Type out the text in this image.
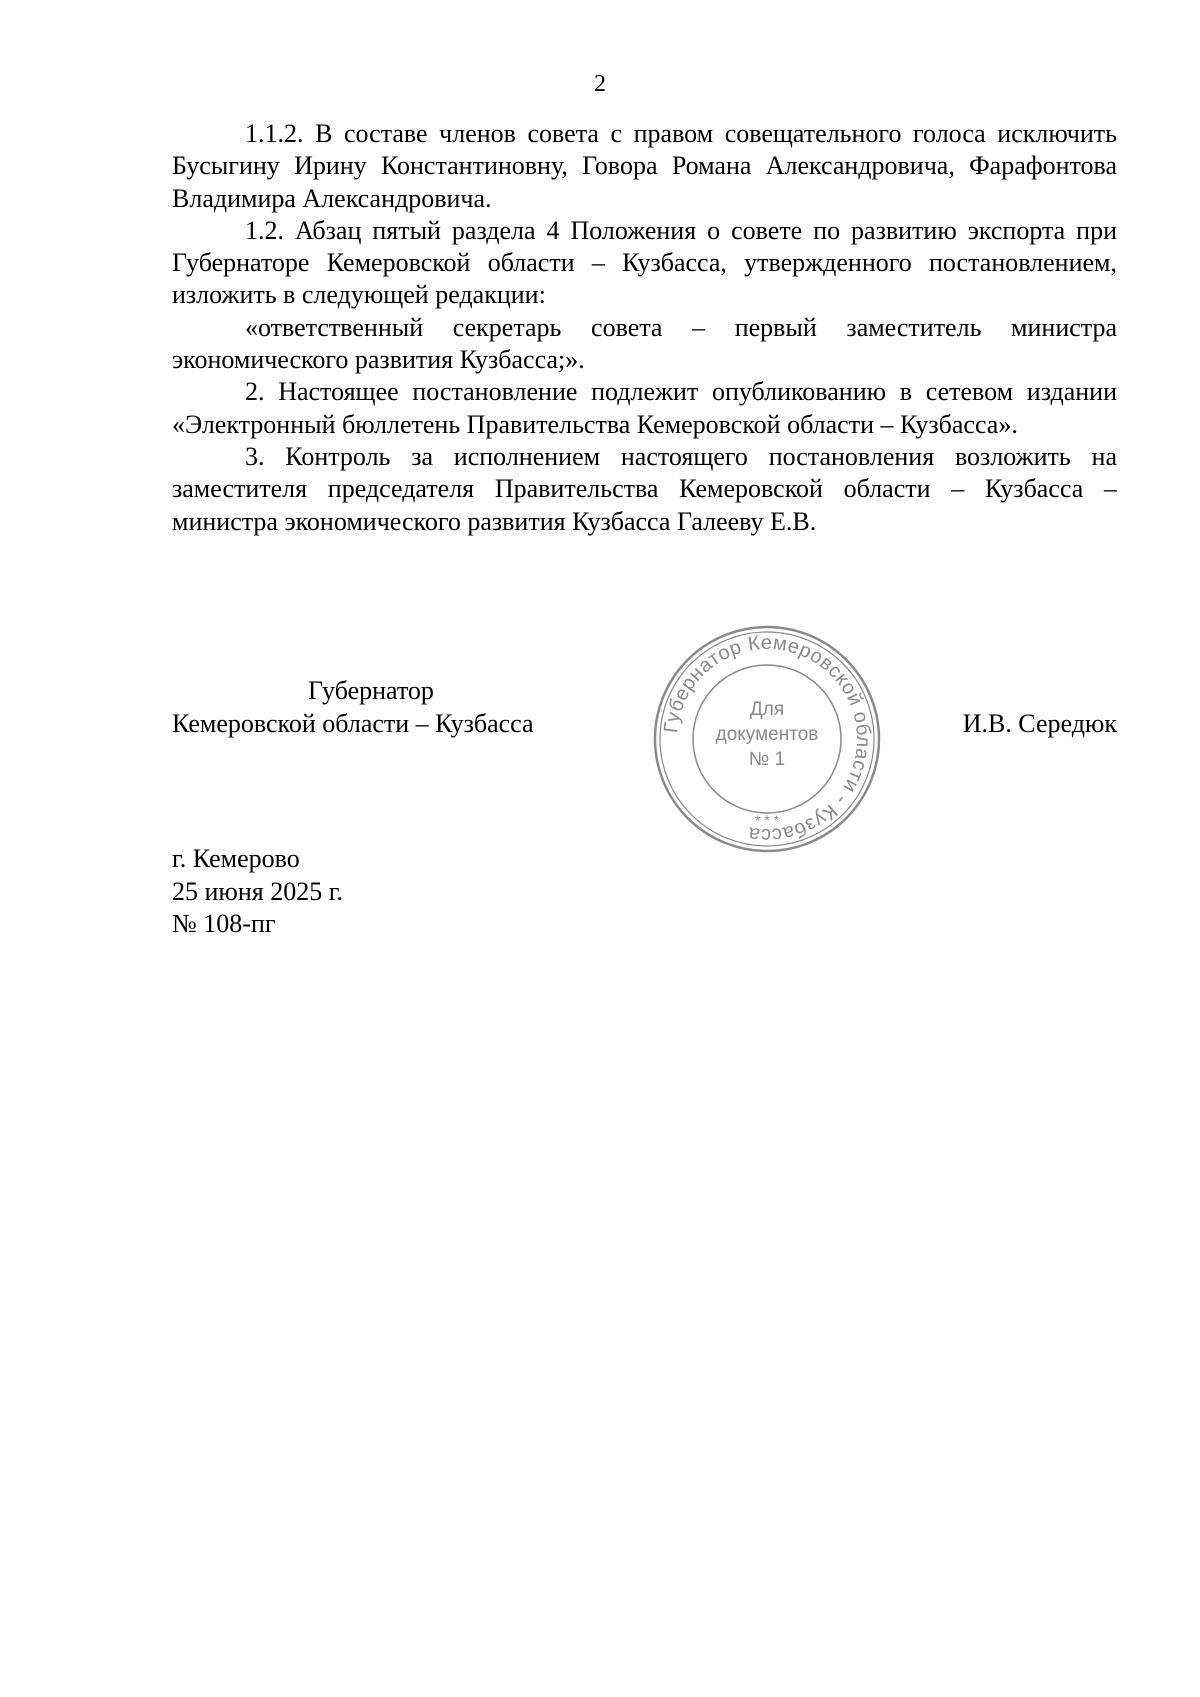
2

1.1.2. В составе членов совета с правом совещательного голоса исключить Бусыгину Ирину Константиновну, Говора Романа Александровича, Фарафонтова Владимира Александровича.

1.2. Абзац пятый раздела 4 Положения о совете по развитию экспорта при Губернаторе Кемеровской области – Кузбасса, утвержденного постановлением, изложить в следующей редакции:

«ответственный секретарь совета – первый заместитель министра экономического развития Кузбасса;».

2. Настоящее постановление подлежит опубликованию в сетевом издании «Электронный бюллетень Правительства Кемеровской области – Кузбасса».

3. Контроль за исполнением настоящего постановления возложить на заместителя председателя Правительства Кемеровской области – Кузбасса – министра экономического развития Кузбасса Галееву Е.В.

Губернатор
Кемеровской области – Кузбасса	И.В. Середюк
Губернатор Кемеровской области - Кузбасса
Для
документов
№ 1
* * *
г. Кемерово
25 июня 2025 г.
№ 108-пг
